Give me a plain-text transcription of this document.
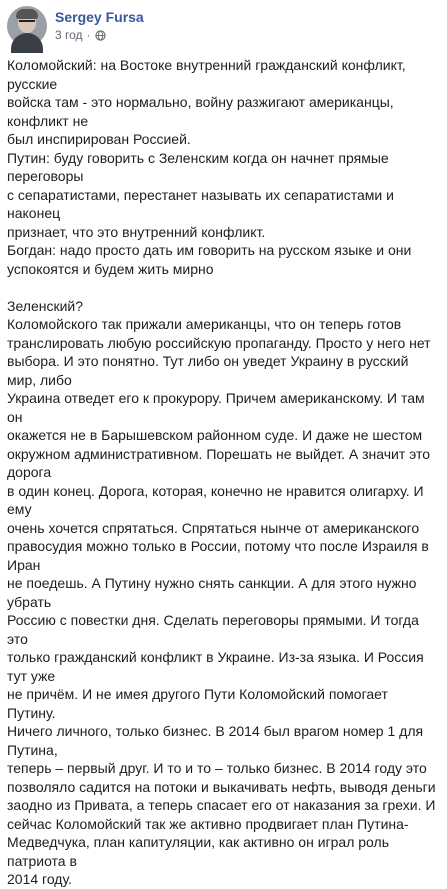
Sergey Fursa
3 год ·
Коломойский: на Востоке внутренний гражданский конфликт, русские
войска там - это нормально, войну разжигают американцы, конфликт не
был инспирирован Россией.
Путин: буду говорить с Зеленским когда он начнет прямые переговоры
с сепаратистами, перестанет называть их сепаратистами и наконец
признает, что это внутренний конфликт.
Богдан: надо просто дать им говорить на русском языке и они
успокоятся и будем жить мирно

Зеленский?
Коломойского так прижали американцы, что он теперь готов
транслировать любую российскую пропаганду. Просто у него нет
выбора. И это понятно. Тут либо он уведет Украину в русский мир, либо
Украина отведет его к прокурору. Причем американскому. И там он
окажется не в Барышевском районном суде. И даже не шестом
окружном административном. Порешать не выйдет. А значит это дорога
в один конец. Дорога, которая, конечно не нравится олигарху. И ему
очень хочется спрятаться. Спрятаться нынче от американского
правосудия можно только в России, потому что после Израиля в Иран
не поедешь. А Путину нужно снять санкции. А для этого нужно убрать
Россию с повестки дня. Сделать переговоры прямыми. И тогда это
только гражданский конфликт в Украине. Из-за языка. И Россия тут уже
не причём. И не имея другого Пути Коломойский помогает Путину.
Ничего личного, только бизнес. В 2014 был врагом номер 1 для Путина,
теперь – первый друг. И то и то – только бизнес. В 2014 году это
позволяло садится на потоки и выкачивать нефть, выводя деньги
заодно из Привата, а теперь спасает его от наказания за грехи. И
сейчас Коломойский так же активно продвигает план Путина-
Медведчука, план капитуляции, как активно он играл роль патриота в
2014 году.
